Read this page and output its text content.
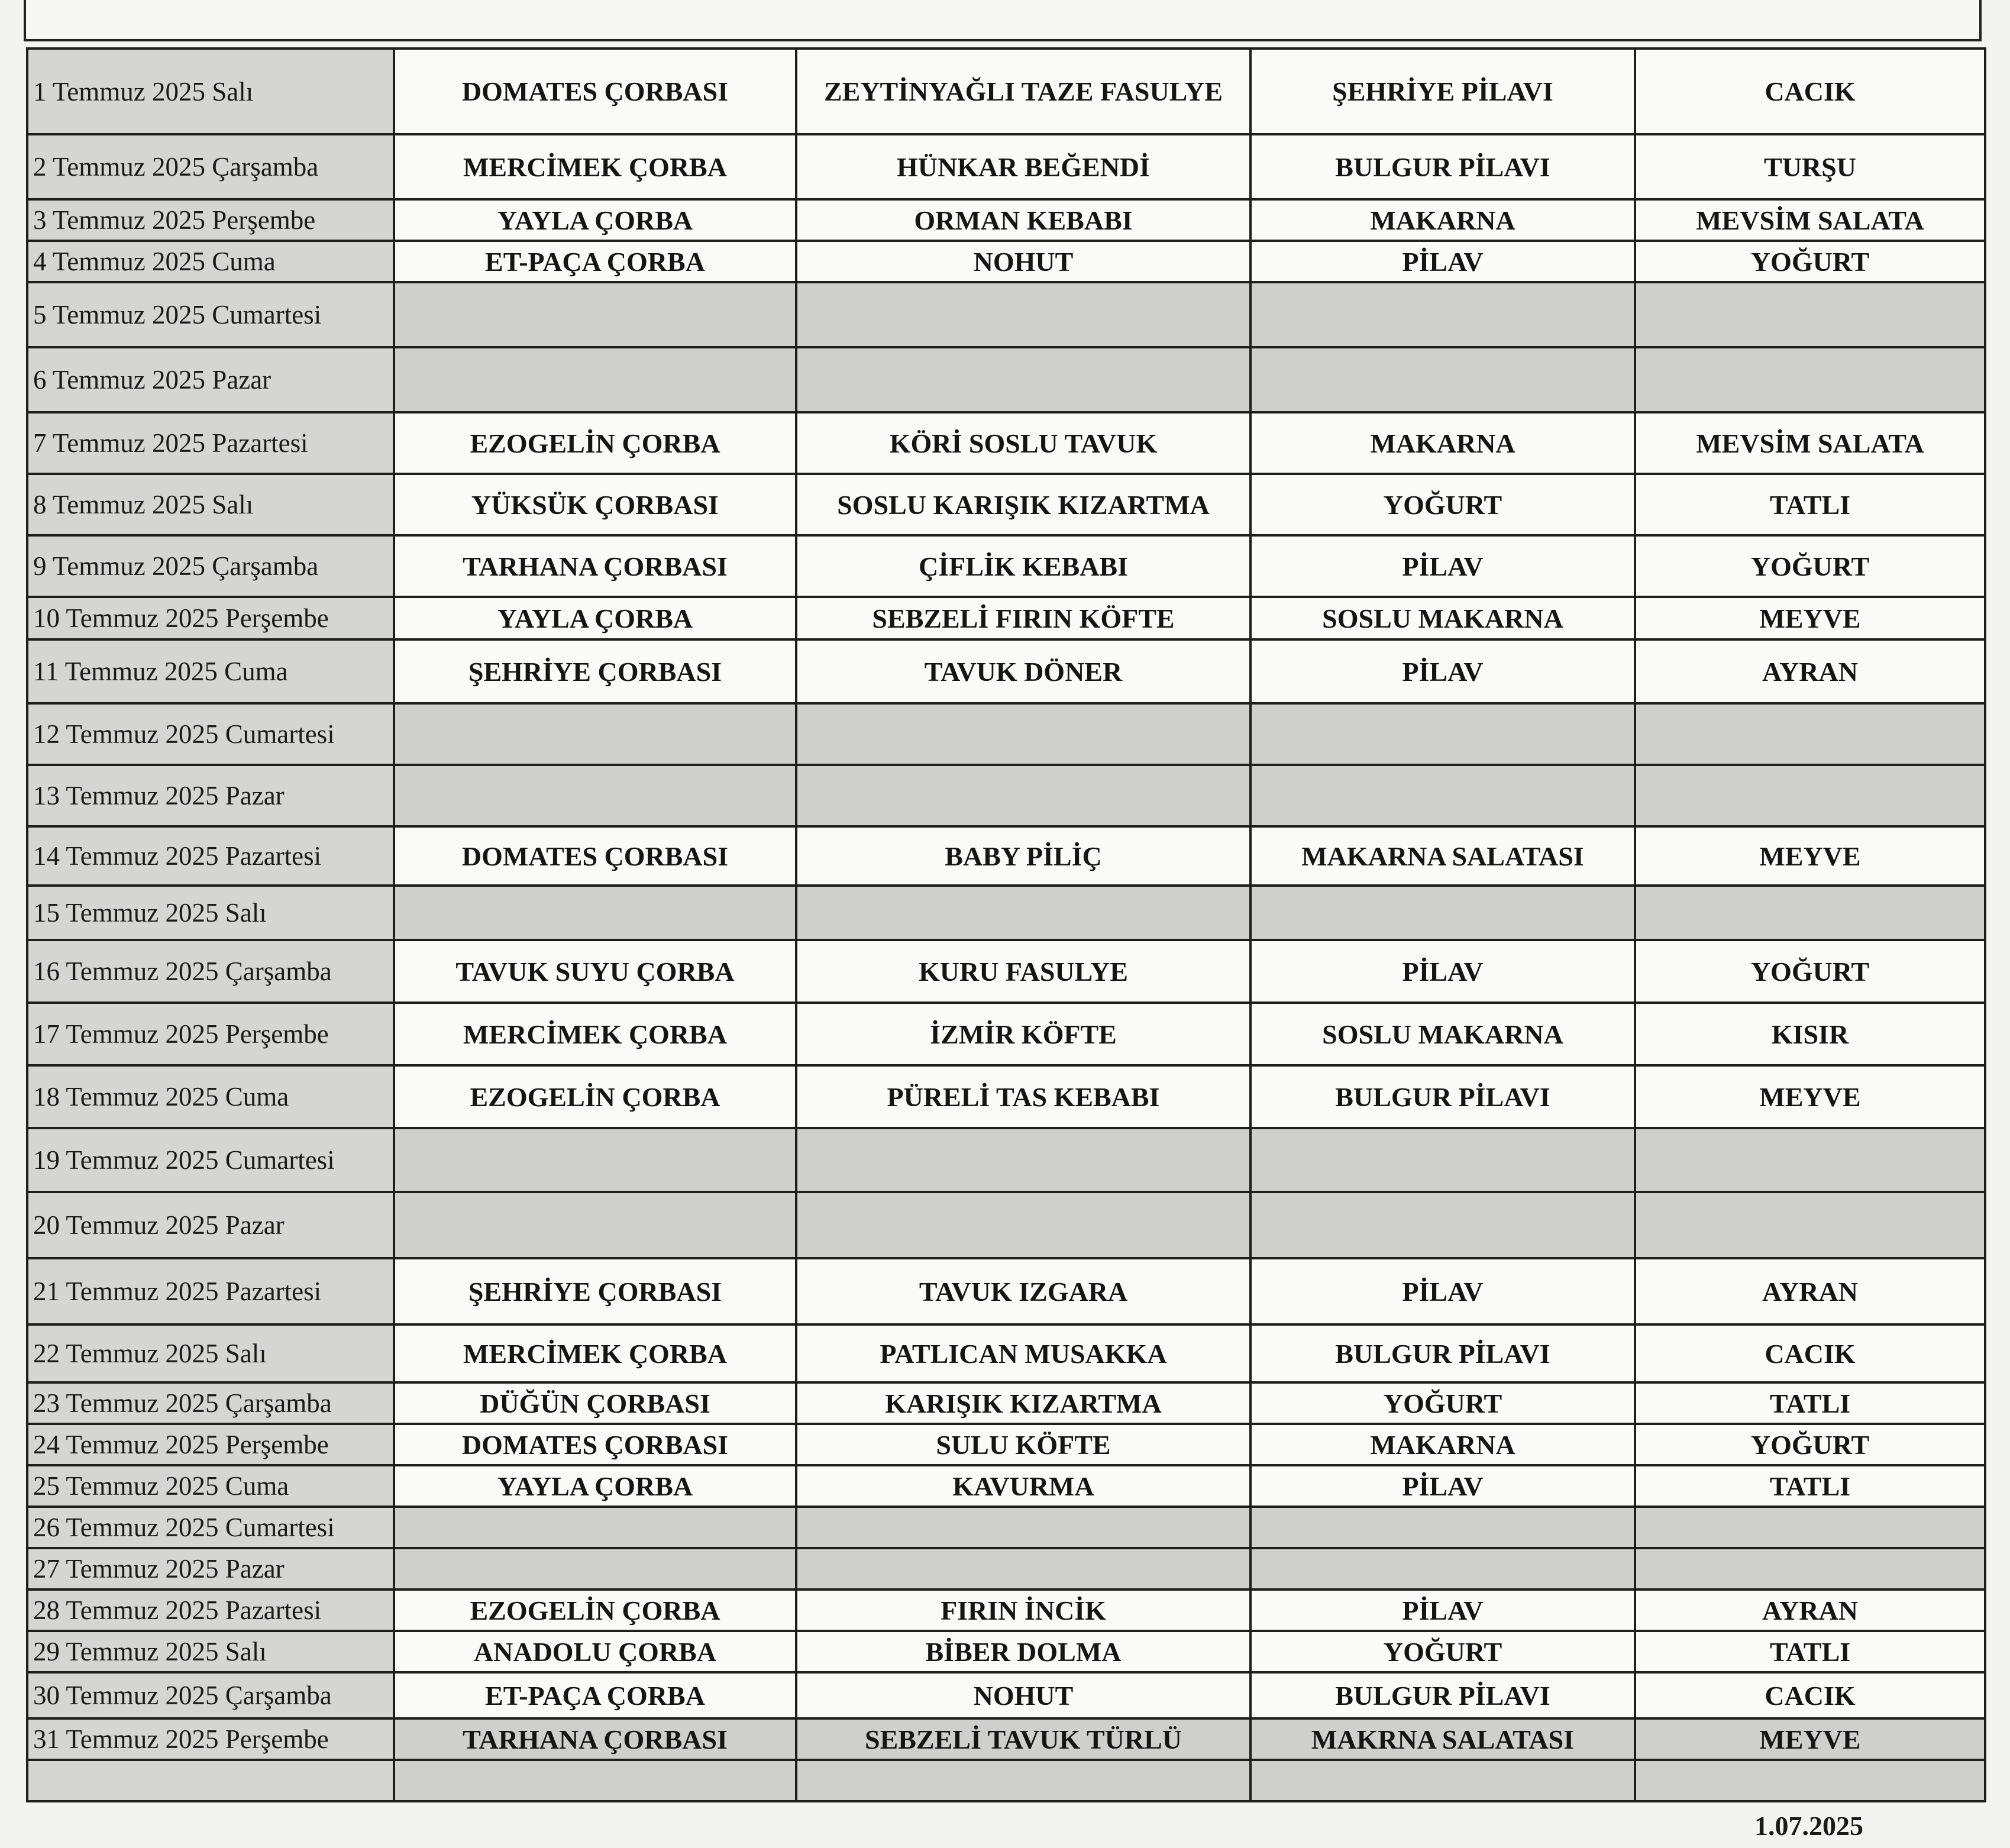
1 Temmuz 2025 Salı	DOMATES ÇORBASI	ZEYTİNYAĞLI TAZE FASULYE	ŞEHRİYE PİLAVI	CACIK
2 Temmuz 2025 Çarşamba	MERCİMEK ÇORBA	HÜNKAR BEĞENDİ	BULGUR PİLAVI	TURŞU
3 Temmuz 2025 Perşembe	YAYLA ÇORBA	ORMAN KEBABI	MAKARNA	MEVSİM SALATA
4 Temmuz 2025 Cuma	ET-PAÇA ÇORBA	NOHUT	PİLAV	YOĞURT
5 Temmuz 2025 Cumartesi				
6 Temmuz 2025 Pazar				
7 Temmuz 2025 Pazartesi	EZOGELİN ÇORBA	KÖRİ SOSLU TAVUK	MAKARNA	MEVSİM SALATA
8 Temmuz 2025 Salı	YÜKSÜK ÇORBASI	SOSLU KARIŞIK KIZARTMA	YOĞURT	TATLI
9 Temmuz 2025 Çarşamba	TARHANA ÇORBASI	ÇİFLİK KEBABI	PİLAV	YOĞURT
10 Temmuz 2025 Perşembe	YAYLA ÇORBA	SEBZELİ FIRIN KÖFTE	SOSLU MAKARNA	MEYVE
11 Temmuz 2025 Cuma	ŞEHRİYE ÇORBASI	TAVUK DÖNER	PİLAV	AYRAN
12 Temmuz 2025 Cumartesi				
13 Temmuz 2025 Pazar				
14 Temmuz 2025 Pazartesi	DOMATES ÇORBASI	BABY PİLİÇ	MAKARNA SALATASI	MEYVE
15 Temmuz 2025 Salı				
16 Temmuz 2025 Çarşamba	TAVUK SUYU ÇORBA	KURU FASULYE	PİLAV	YOĞURT
17 Temmuz 2025 Perşembe	MERCİMEK ÇORBA	İZMİR KÖFTE	SOSLU MAKARNA	KISIR
18 Temmuz 2025 Cuma	EZOGELİN ÇORBA	PÜRELİ TAS KEBABI	BULGUR PİLAVI	MEYVE
19 Temmuz 2025 Cumartesi				
20 Temmuz 2025 Pazar				
21 Temmuz 2025 Pazartesi	ŞEHRİYE ÇORBASI	TAVUK IZGARA	PİLAV	AYRAN
22 Temmuz 2025 Salı	MERCİMEK ÇORBA	PATLICAN MUSAKKA	BULGUR PİLAVI	CACIK
23 Temmuz 2025 Çarşamba	DÜĞÜN ÇORBASI	KARIŞIK KIZARTMA	YOĞURT	TATLI
24 Temmuz 2025 Perşembe	DOMATES ÇORBASI	SULU KÖFTE	MAKARNA	YOĞURT
25 Temmuz 2025 Cuma	YAYLA ÇORBA	KAVURMA	PİLAV	TATLI
26 Temmuz 2025 Cumartesi				
27 Temmuz 2025 Pazar				
28 Temmuz 2025 Pazartesi	EZOGELİN ÇORBA	FIRIN İNCİK	PİLAV	AYRAN
29 Temmuz 2025 Salı	ANADOLU ÇORBA	BİBER DOLMA	YOĞURT	TATLI
30 Temmuz 2025 Çarşamba	ET-PAÇA ÇORBA	NOHUT	BULGUR PİLAVI	CACIK
31 Temmuz 2025 Perşembe	TARHANA ÇORBASI	SEBZELİ TAVUK TÜRLÜ	MAKRNA SALATASI	MEYVE

1.07.2025
